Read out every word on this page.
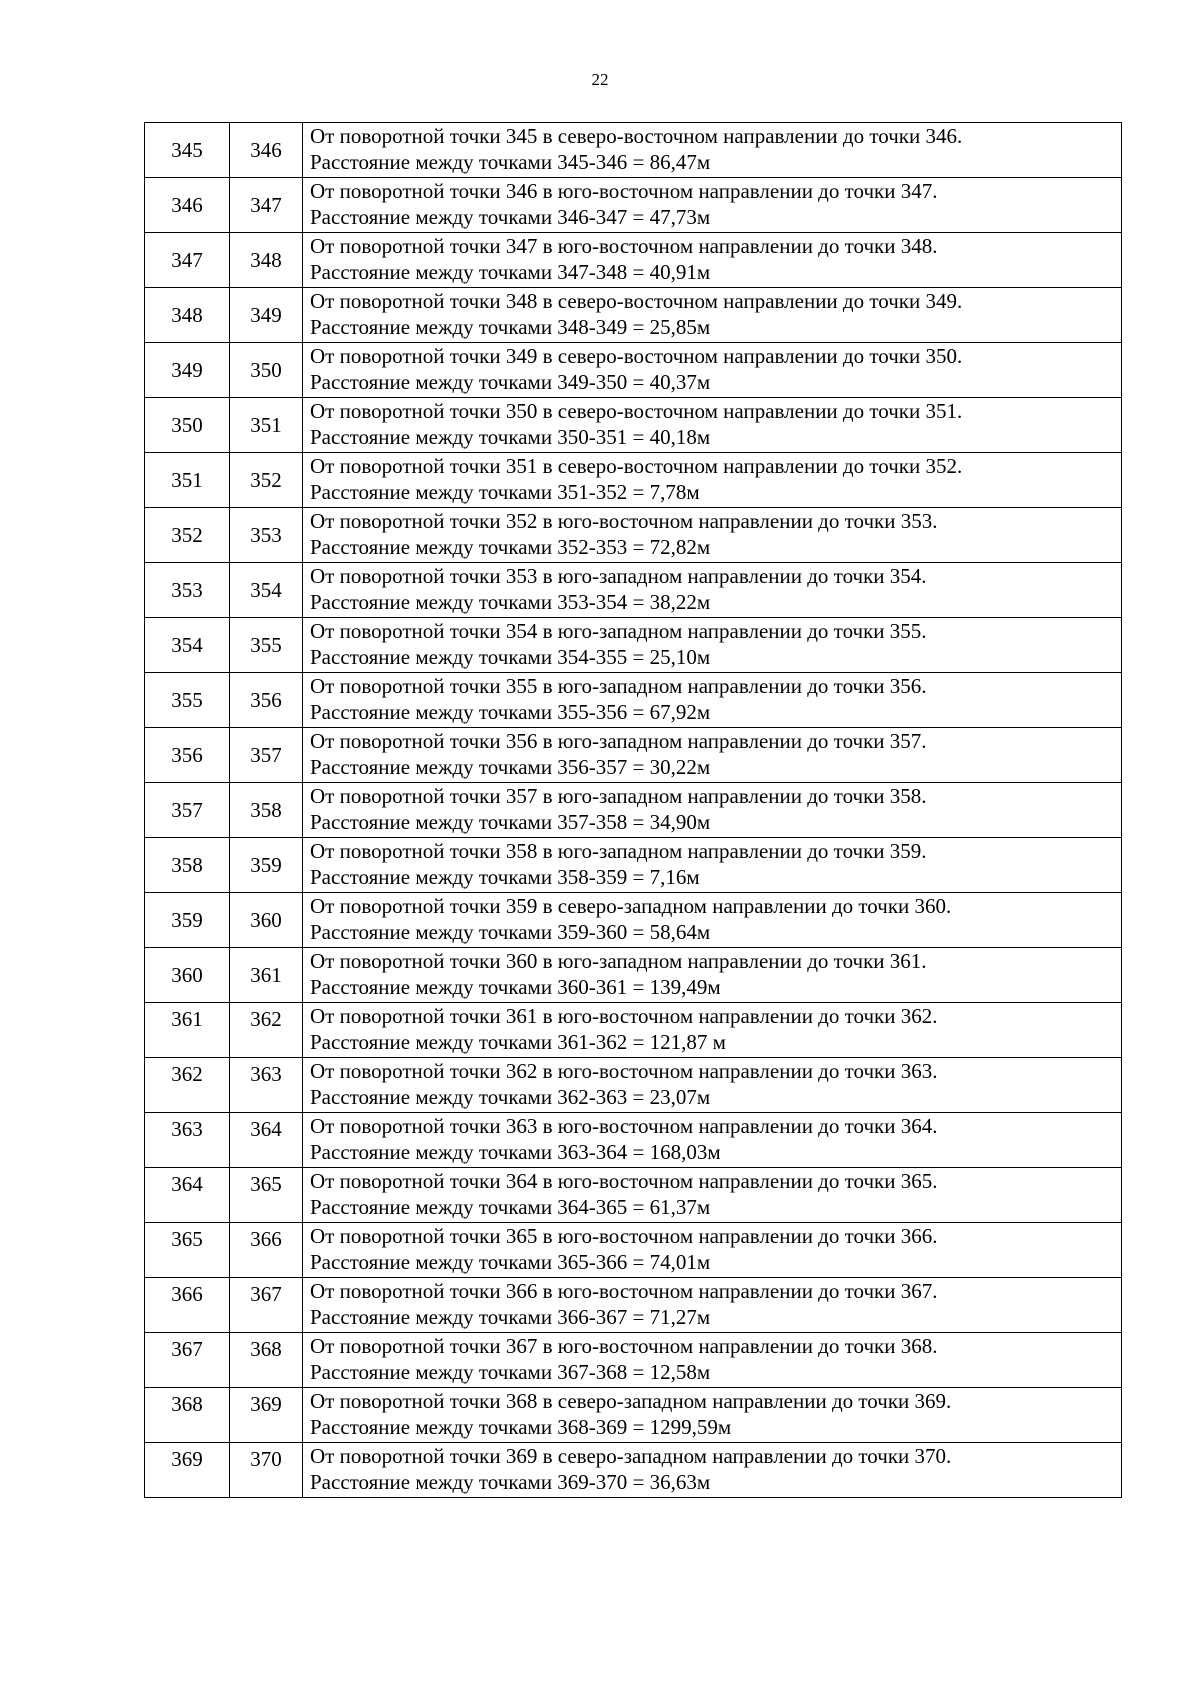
22
345	346	От поворотной точки 345 в северо-восточном направлении до точки 346.
Расстояние между точками 345-346 = 86,47м

346	347	От поворотной точки 346 в юго-восточном направлении до точки 347.
Расстояние между точками 346-347 = 47,73м

347	348	От поворотной точки 347 в юго-восточном направлении до точки 348.
Расстояние между точками 347-348 = 40,91м

348	349	От поворотной точки 348 в северо-восточном направлении до точки 349.
Расстояние между точками 348-349 = 25,85м

349	350	От поворотной точки 349 в северо-восточном направлении до точки 350.
Расстояние между точками 349-350 = 40,37м

350	351	От поворотной точки 350 в северо-восточном направлении до точки 351.
Расстояние между точками 350-351 = 40,18м

351	352	От поворотной точки 351 в северо-восточном направлении до точки 352.
Расстояние между точками 351-352 = 7,78м

352	353	От поворотной точки 352 в юго-восточном направлении до точки 353.
Расстояние между точками 352-353 = 72,82м

353	354	От поворотной точки 353 в юго-западном направлении до точки 354.
Расстояние между точками 353-354 = 38,22м

354	355	От поворотной точки 354 в юго-западном направлении до точки 355.
Расстояние между точками 354-355 = 25,10м

355	356	От поворотной точки 355 в юго-западном направлении до точки 356.
Расстояние между точками 355-356 = 67,92м

356	357	От поворотной точки 356 в юго-западном направлении до точки 357.
Расстояние между точками 356-357 = 30,22м

357	358	От поворотной точки 357 в юго-западном направлении до точки 358.
Расстояние между точками 357-358 = 34,90м

358	359	От поворотной точки 358 в юго-западном направлении до точки 359.
Расстояние между точками 358-359 = 7,16м

359	360	От поворотной точки 359 в северо-западном направлении до точки 360.
Расстояние между точками 359-360 = 58,64м

360	361	От поворотной точки 360 в юго-западном направлении до точки 361.
Расстояние между точками 360-361 = 139,49м

361	362	От поворотной точки 361 в юго-восточном направлении до точки 362.
Расстояние между точками 361-362 = 121,87 м

362	363	От поворотной точки 362 в юго-восточном направлении до точки 363.
Расстояние между точками 362-363 = 23,07м

363	364	От поворотной точки 363 в юго-восточном направлении до точки 364.
Расстояние между точками 363-364 = 168,03м

364	365	От поворотной точки 364 в юго-восточном направлении до точки 365.
Расстояние между точками 364-365 = 61,37м

365	366	От поворотной точки 365 в юго-восточном направлении до точки 366.
Расстояние между точками 365-366 = 74,01м

366	367	От поворотной точки 366 в юго-восточном направлении до точки 367.
Расстояние между точками 366-367 = 71,27м

367	368	От поворотной точки 367 в юго-восточном направлении до точки 368.
Расстояние между точками 367-368 = 12,58м

368	369	От поворотной точки 368 в северо-западном направлении до точки 369.
Расстояние между точками 368-369 = 1299,59м

369	370	От поворотной точки 369 в северо-западном направлении до точки 370.
Расстояние между точками 369-370 = 36,63м
